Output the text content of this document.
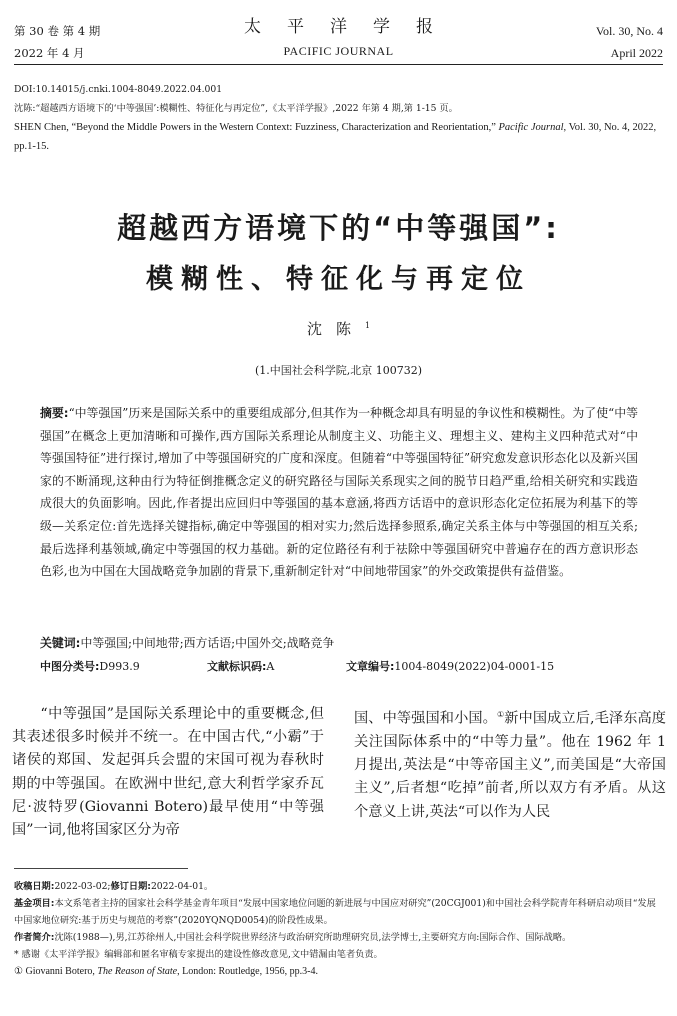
第 30 卷 第 4 期
2022 年 4 月
太平洋学报
PACIFIC JOURNAL
Vol. 30, No. 4
April 2022
DOI:10.14015/j.cnki.1004-8049.2022.04.001
沈陈:“超越西方语境下的‘中等强国’:模糊性、特征化与再定位”,《太平洋学报》,2022 年第 4 期,第 1-15 页。
SHEN Chen, “Beyond the Middle Powers in the Western Context: Fuzziness, Characterization and Reorientation,” Pacific Journal, Vol. 30, No. 4, 2022, pp.1-15.
超越西方语境下的“中等强国”:
模糊性、特征化与再定位
沈陈$^1$
(1.中国社会科学院,北京 100732)
摘要:“中等强国”历来是国际关系中的重要组成部分,但其作为一种概念却具有明显的争议性和模糊性。为了使“中等强国”在概念上更加清晰和可操作,西方国际关系理论从制度主义、功能主义、理想主义、建构主义四种范式对“中等强国特征”进行探讨,增加了中等强国研究的广度和深度。但随着“中等强国特征”研究愈发意识形态化以及新兴国家的不断涌现,这种由行为特征倒推概念定义的研究路径与国际关系现实之间的脱节日趋严重,给相关研究和实践造成很大的负面影响。因此,作者提出应回归中等强国的基本意涵,将西方话语中的意识形态化定位拓展为利基下的等级—关系定位:首先选择关键指标,确定中等强国的相对实力;然后选择参照系,确定关系主体与中等强国的相互关系;最后选择利基领域,确定中等强国的权力基础。新的定位路径有利于祛除中等强国研究中普遍存在的西方意识形态色彩,也为中国在大国战略竞争加剧的背景下,重新制定针对“中间地带国家”的外交政策提供有益借鉴。
关键词:中等强国;中间地带;西方话语;中国外交;战略竞争
中图分类号: D993.9	文献标识码: A	文章编号: 1004-8049(2022)04-0001-15
“中等强国”是国际关系理论中的重要概念,但其表述很多时候并不统一。在中国古代,“小霸”于诸侯的郑国、发起弭兵会盟的宋国可视为春秋时期的中等强国。在欧洲中世纪,意大利哲学家乔瓦尼·波特罗(Giovanni Botero)最早使用“中等强国”一词,他将国家区分为帝
国、中等强国和小国。①新中国成立后,毛泽东高度关注国际体系中的“中等力量”。他在 1962 年 1 月提出,英法是“中等帝国主义”,而美国是“大帝国主义”,后者想“吃掉”前者,所以双方有矛盾。从这个意义上讲,英法“可以作为人民
收稿日期:2022-03-02;修订日期:2022-04-01。
基金项目:本文系笔者主持的国家社会科学基金青年项目“发展中国家地位问题的新进展与中国应对研究”(20CGJ001)和中国社会科学院青年科研启动项目“发展中国家地位研究:基于历史与规范的考察”(2020YQNQD0054)的阶段性成果。
作者简介:沈陈(1988—),男,江苏徐州人,中国社会科学院世界经济与政治研究所助理研究员,法学博士,主要研究方向:国际合作、国际战略。
* 感谢《太平洋学报》编辑部和匿名审稿专家提出的建设性修改意见,文中错漏由笔者负责。
① Giovanni Botero, The Reason of State, London: Routledge, 1956, pp.3-4.
